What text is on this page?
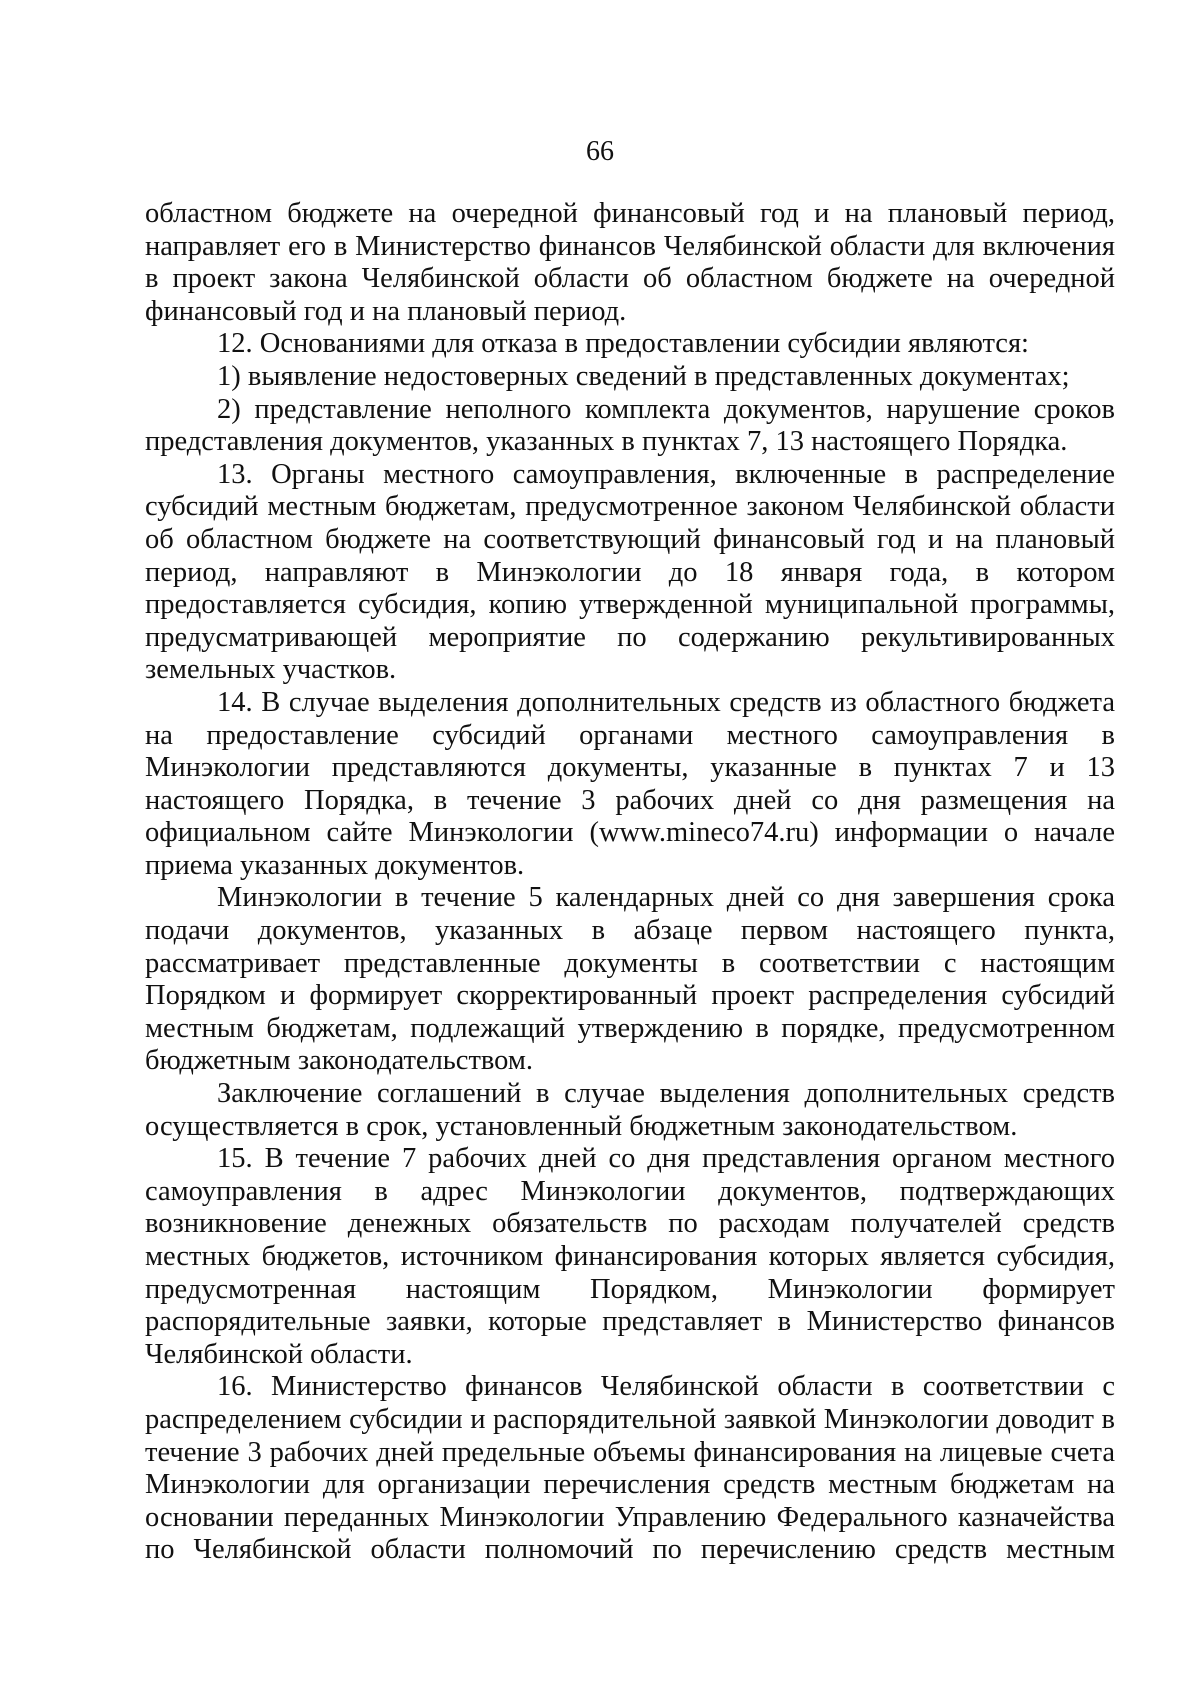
66

областном бюджете на очередной финансовый год и на плановый период, направляет его в Министерство финансов Челябинской области для включения в проект закона Челябинской области об областном бюджете на очередной финансовый год и на плановый период.

12. Основаниями для отказа в предоставлении субсидии являются:

1) выявление недостоверных сведений в представленных документах;

2) представление неполного комплекта документов, нарушение сроков представления документов, указанных в пунктах 7, 13 настоящего Порядка.

13. Органы местного самоуправления, включенные в распределение субсидий местным бюджетам, предусмотренное законом Челябинской области об областном бюджете на соответствующий финансовый год и на плановый период, направляют в Минэкологии до 18 января года, в котором предоставляется субсидия, копию утвержденной муниципальной программы, предусматривающей мероприятие по содержанию рекультивированных земельных участков.

14. В случае выделения дополнительных средств из областного бюджета на предоставление субсидий органами местного самоуправления в Минэкологии представляются документы, указанные в пунктах 7 и 13 настоящего Порядка, в течение 3 рабочих дней со дня размещения на официальном сайте Минэкологии (www.mineco74.ru) информации о начале приема указанных документов.

Минэкологии в течение 5 календарных дней со дня завершения срока подачи документов, указанных в абзаце первом настоящего пункта, рассматривает представленные документы в соответствии с настоящим Порядком и формирует скорректированный проект распределения субсидий местным бюджетам, подлежащий утверждению в порядке, предусмотренном бюджетным законодательством.

Заключение соглашений в случае выделения дополнительных средств осуществляется в срок, установленный бюджетным законодательством.

15. В течение 7 рабочих дней со дня представления органом местного самоуправления в адрес Минэкологии документов, подтверждающих возникновение денежных обязательств по расходам получателей средств местных бюджетов, источником финансирования которых является субсидия, предусмотренная настоящим Порядком, Минэкологии формирует распорядительные заявки, которые представляет в Министерство финансов Челябинской области.

16. Министерство финансов Челябинской области в соответствии с распределением субсидии и распорядительной заявкой Минэкологии доводит в течение 3 рабочих дней предельные объемы финансирования на лицевые счета Минэкологии для организации перечисления средств местным бюджетам на основании переданных Минэкологии Управлению Федерального казначейства по Челябинской области полномочий по перечислению средств местным
